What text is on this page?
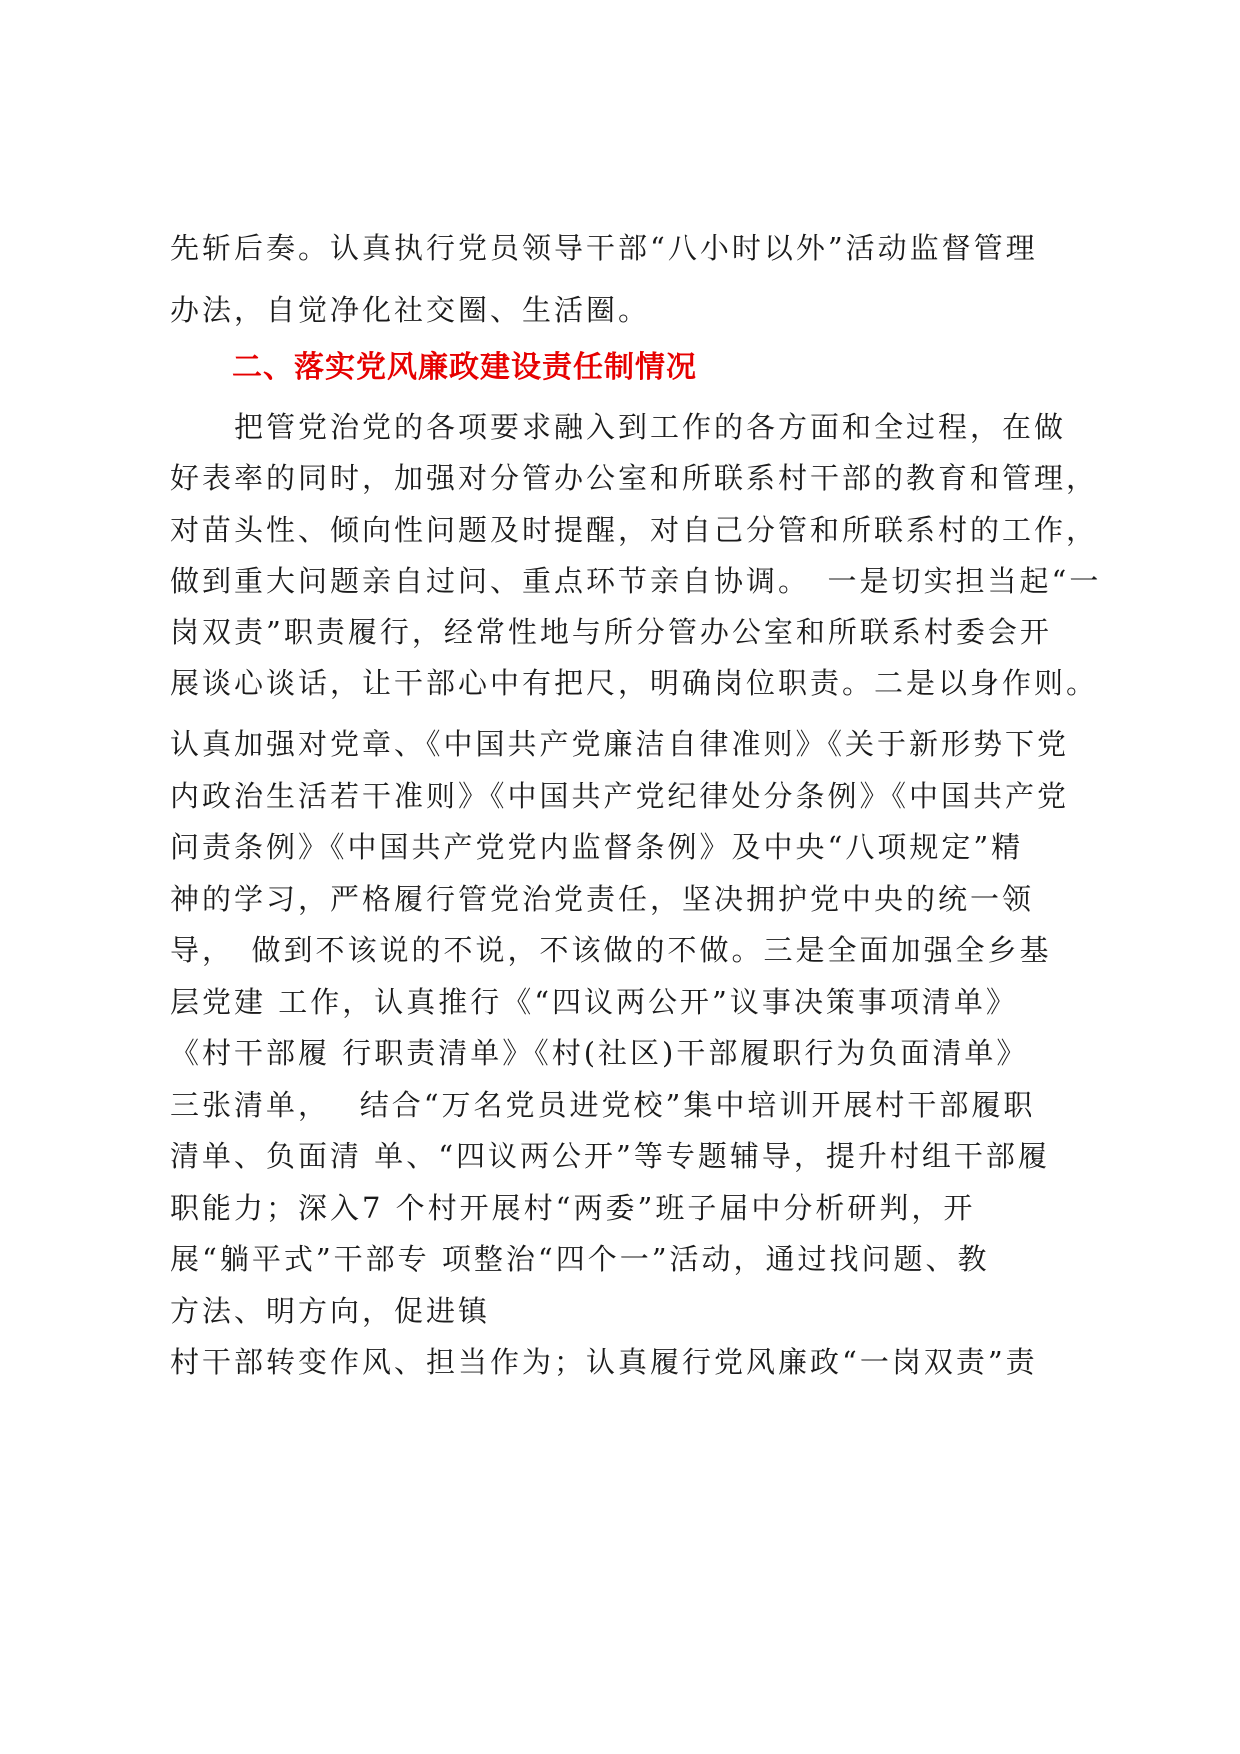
先斩后奏。认真执行党员领导干部“八小时以外”活动监督管理
办法，自觉净化社交圈、生活圈。
二、落实党风廉政建设责任制情况
　　把管党治党的各项要求融入到工作的各方面和全过程，在做
好表率的同时，加强对分管办公室和所联系村干部的教育和管理，
对苗头性、倾向性问题及时提醒，对自己分管和所联系村的工作，
做到重大问题亲自过问、重点环节亲自协调。　一是切实担当起“一
岗双责”职责履行，经常性地与所分管办公室和所联系村委会开
展谈心谈话，让干部心中有把尺，明确岗位职责。二是以身作则。
认真加强对党章、《中国共产党廉洁自律准则》《关于新形势下党
内政治生活若干准则》《中国共产党纪律处分条例》《中国共产党
问责条例》《中国共产党党内监督条例》及中央“八项规定”精
神的学习，严格履行管党治党责任，坚决拥护党中央的统一领
导，　做到不该说的不说，不该做的不做。三是全面加强全乡基
层党建 工作，认真推行《“四议两公开”议事决策事项清单》
《村干部履 行职责清单》《村(社区)干部履职行为负面清单》
三张清单，　 结合“万名党员进党校”集中培训开展村干部履职
清单、负面清 单、“四议两公开”等专题辅导，提升村组干部履
职能力；深入7 个村开展村“两委”班子届中分析研判，开
展“躺平式”干部专 项整治“四个一”活动，通过找问题、教
方法、明方向，促进镇
村干部转变作风、担当作为；认真履行党风廉政“一岗双责”责
